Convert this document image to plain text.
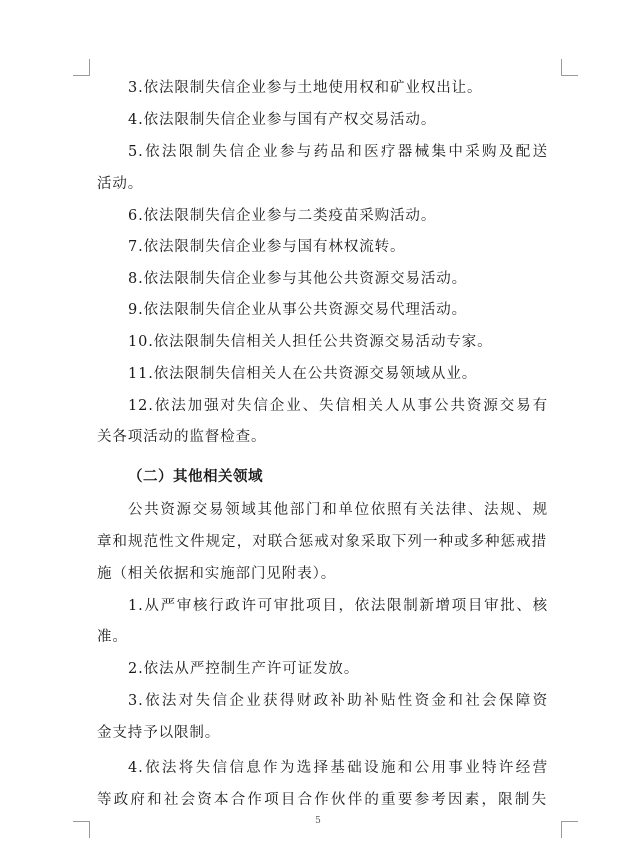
3.依法限制失信企业参与土地使用权和矿业权出让。
4.依法限制失信企业参与国有产权交易活动。
5.依法限制失信企业参与药品和医疗器械集中采购及配送
活动。
6.依法限制失信企业参与二类疫苗采购活动。
7.依法限制失信企业参与国有林权流转。
8.依法限制失信企业参与其他公共资源交易活动。
9.依法限制失信企业从事公共资源交易代理活动。
10.依法限制失信相关人担任公共资源交易活动专家。
11.依法限制失信相关人在公共资源交易领域从业。
12.依法加强对失信企业、失信相关人从事公共资源交易有
关各项活动的监督检查。
（二）其他相关领域
公共资源交易领域其他部门和单位依照有关法律、法规、规
章和规范性文件规定，对联合惩戒对象采取下列一种或多种惩戒措
施（相关依据和实施部门见附表）。
1.从严审核行政许可审批项目，依法限制新增项目审批、核
准。
2.依法从严控制生产许可证发放。
3.依法对失信企业获得财政补助补贴性资金和社会保障资
金支持予以限制。
4.依法将失信信息作为选择基础设施和公用事业特许经营
等政府和社会资本合作项目合作伙伴的重要参考因素，限制失
5
